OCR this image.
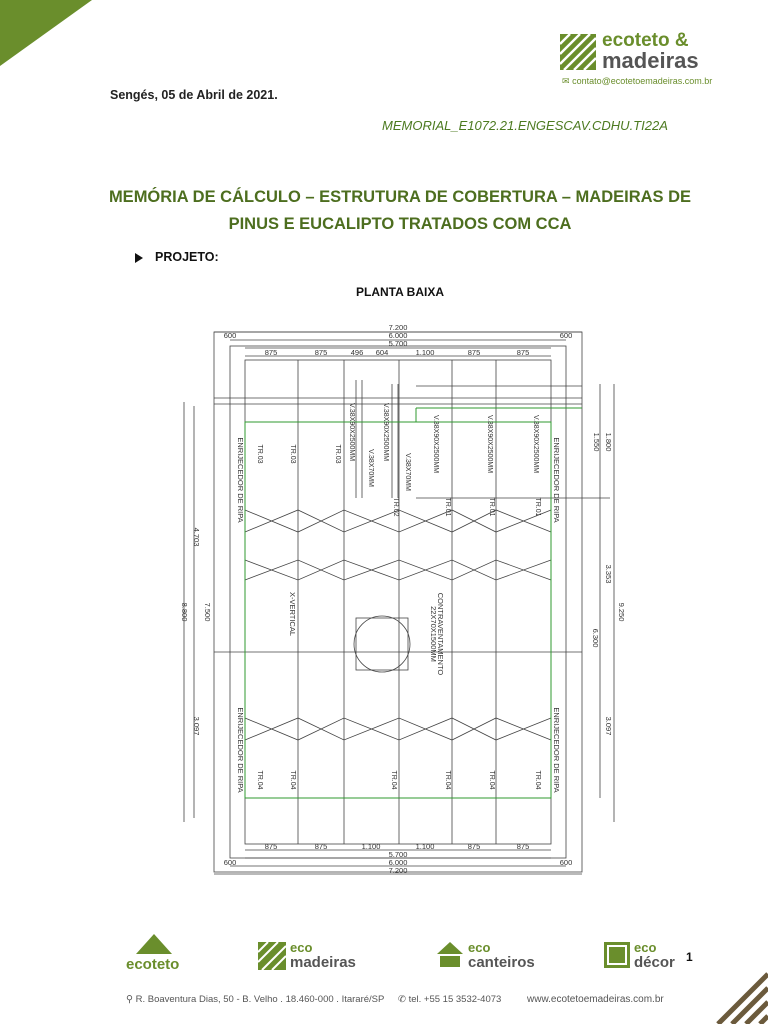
ecoteto &
madeiras
✉ contato@ecotetoemadeiras.com.br
Sengés, 05 de Abril de 2021.
MEMORIAL_E1072.21.ENGESCAV.CDHU.TI22A
MEMÓRIA DE CÁLCULO – ESTRUTURA DE COBERTURA – MADEIRAS DE
PINUS E EUCALIPTO TRATADOS COM CCA
PROJETO:
PLANTA BAIXA
7.200
6.000
5.700
600	600
875	875	496 604	1.100	875	875
875	875	1.100	1.100	875	875
5.700
6.000
7.200
600	600
8.800 7.500
4.703
3.097
9.250
3.353
6.300
3.097
1.800
1.550
TR.03	TR.03	TR.03
TR.02	TR.01	TR.01	TR.01
TR.04	TR.04	TR.04	TR.04	TR.04	TR.04
V.38X90X2500MM	V.38X90X2500MM	V.38X90X2500MM
V.38X90X2500MM	V.38X90X2500MM
V.38X70MM	V.38X70MM
ENRIJECEDOR DE RIPA	ENRIJECEDOR DE RIPA
ENRIJECEDOR DE RIPA	ENRIJECEDOR DE RIPA
X-VERTICAL	CONTRAVENTAMENTO
22X70X1500MM
ecoteto
eco
madeiras
eco
canteiros
eco
décor
⚲ R. Boaventura Dias, 50 - B. Velho . 18.460-000 . Itararé/SP ✆ tel. +55 15 3532-4073	www.ecotetoemadeiras.com.br
1
